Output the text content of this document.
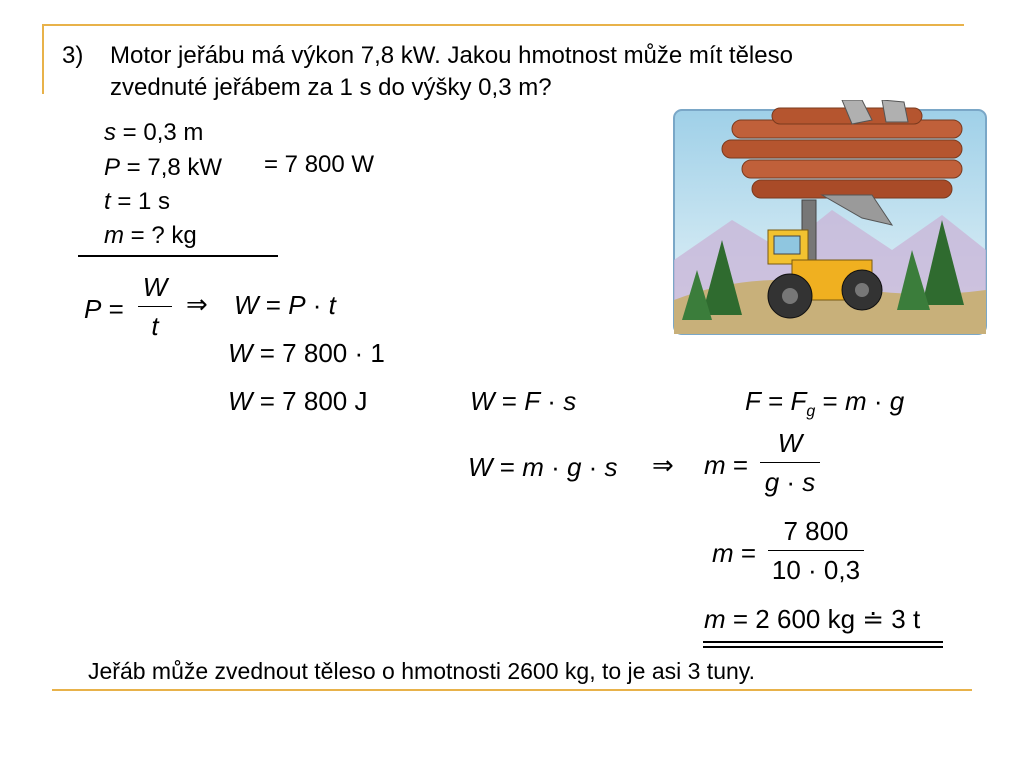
3) Motor jeřábu má výkon 7,8 kW. Jakou hmotnost může mít těleso
zvednuté jeřábem za 1 s do výšky 0,3 m?
s = 0,3 m
P = 7,8 kW = 7 800 W
t = 1 s
m = ? kg
P =
W
t
⇒ W = P · t
W = 7 800 · 1
W = 7 800 J	W = F · s	$F = F_g = m \cdot g$
W = m · g · s ⇒ m =
W
g · s
m =
7 800
10 · 0,3
m = 2 600 kg ≐ 3 t
Jeřáb může zvednout těleso o hmotnosti 2600 kg, to je asi 3 tuny.
